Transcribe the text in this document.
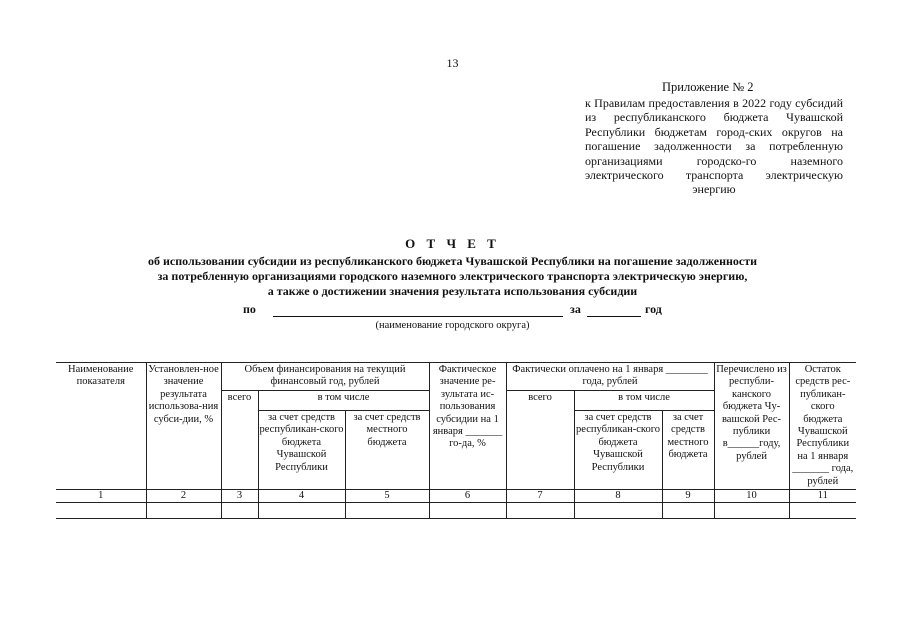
13
Приложение № 2
к Правилам предоставления в 2022 году субсидий из республиканского бюджета Чувашской Республики бюджетам город-ских округов на погашение задолженности за потребленную организациями городско-го наземного электрического транспорта электрическую энергию
О Т Ч Е Т
об использовании субсидии из республиканского бюджета Чувашской Республики на погашение задолженности
за потребленную организациями городского наземного электрического транспорта электрическую энергию,
а также о достижении значения результата использования субсидии
по	за	год
(наименование городского округа)
Наименование показателя	Установлен-ное значение результата использова-ния субси-дии, %	Объем финансирования на текущий финансовый год, рублей			Фактическое значение ре-зультата ис-пользования субсидии на 1 января _______ го-да, %	Фактически оплачено на 1 января ________ года, рублей			Перечислено из республи-канского бюджета Чу-вашской Рес-публики в______году, рублей	Остаток средств рес-публикан-ского бюджета Чувашской Республики на 1 января _______ года, рублей
		всего	в том числе			всего	в том числе			
			за счет средств республикан-ского бюджета Чувашской Республики	за счет средств местного бюджета			за счет средств республикан-ского бюджета Чувашской Республики	за счет средств местного бюджета		
1	2	3	4	5	6	7	8	9	10	11
